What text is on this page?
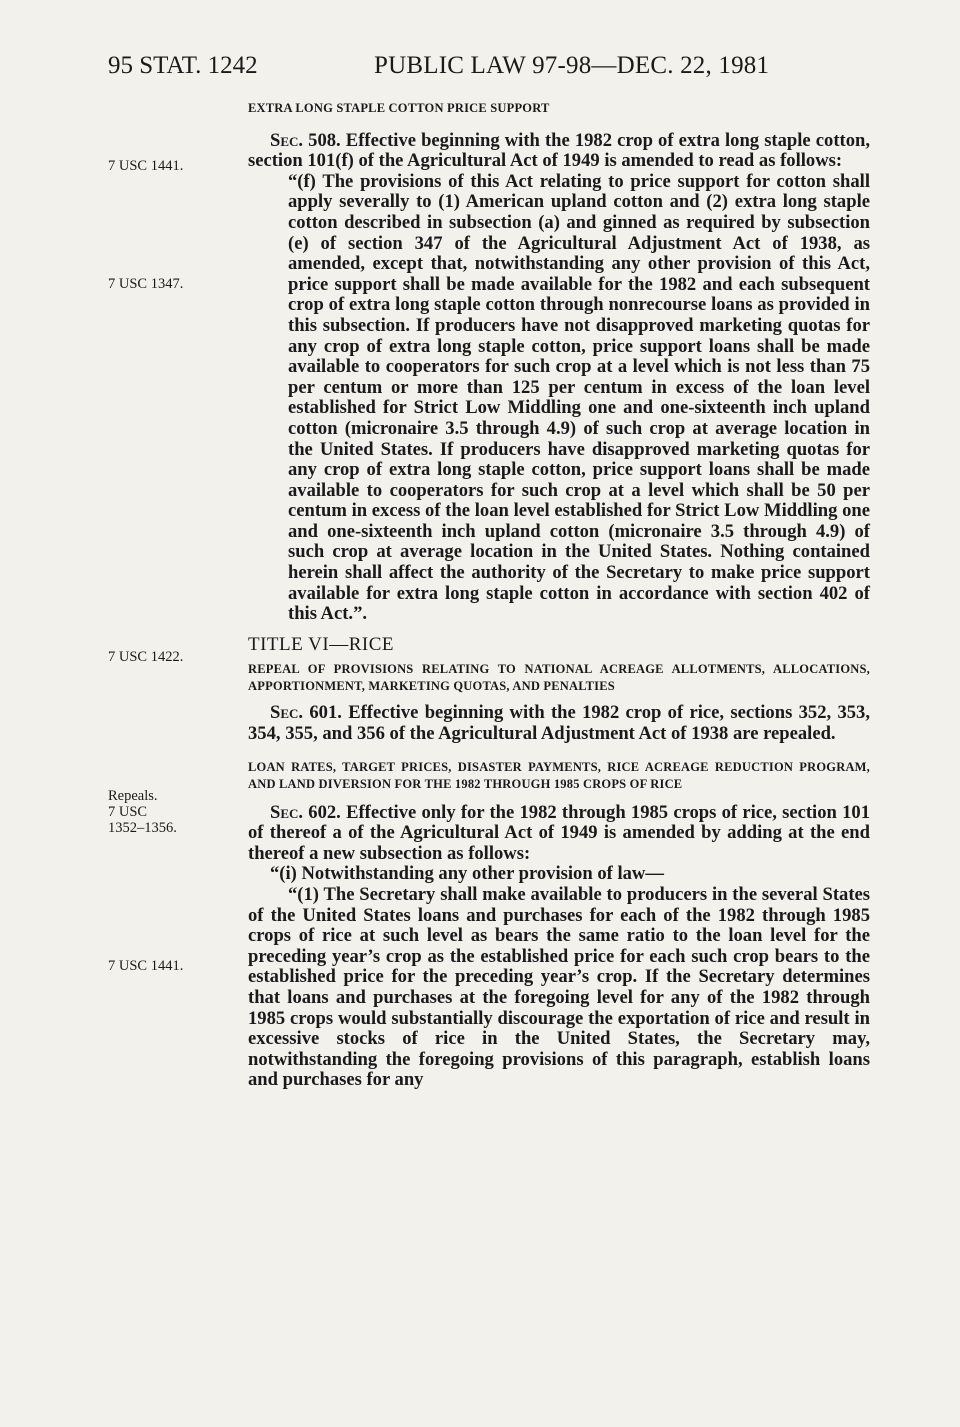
95 STAT. 1242	PUBLIC LAW 97-98—DEC. 22, 1981
7 USC 1441.
7 USC 1347.
7 USC 1422.
Repeals.
7 USC
1352–1356.
7 USC 1441.

EXTRA LONG STAPLE COTTON PRICE SUPPORT

Sec. 508. Effective beginning with the 1982 crop of extra long staple cotton, section 101(f) of the Agricultural Act of 1949 is amended to read as follows:

“(f) The provisions of this Act relating to price support for cotton shall apply severally to (1) American upland cotton and (2) extra long staple cotton described in subsection (a) and ginned as required by subsection (e) of section 347 of the Agricultural Adjustment Act of 1938, as amended, except that, notwithstanding any other provision of this Act, price support shall be made available for the 1982 and each subsequent crop of extra long staple cotton through nonrecourse loans as provided in this subsection. If producers have not disapproved marketing quotas for any crop of extra long staple cotton, price support loans shall be made available to cooperators for such crop at a level which is not less than 75 per centum or more than 125 per centum in excess of the loan level established for Strict Low Middling one and one-sixteenth inch upland cotton (micronaire 3.5 through 4.9) of such crop at average location in the United States. If producers have disapproved marketing quotas for any crop of extra long staple cotton, price support loans shall be made available to cooperators for such crop at a level which shall be 50 per centum in excess of the loan level established for Strict Low Middling one and one-sixteenth inch upland cotton (micronaire 3.5 through 4.9) of such crop at average location in the United States. Nothing contained herein shall affect the authority of the Secretary to make price support available for extra long staple cotton in accordance with section 402 of this Act.”.

TITLE VI—RICE

REPEAL OF PROVISIONS RELATING TO NATIONAL ACREAGE ALLOTMENTS, ALLOCATIONS, APPORTIONMENT, MARKETING QUOTAS, AND PENALTIES

Sec. 601. Effective beginning with the 1982 crop of rice, sections 352, 353, 354, 355, and 356 of the Agricultural Adjustment Act of 1938 are repealed.

LOAN RATES, TARGET PRICES, DISASTER PAYMENTS, RICE ACREAGE REDUCTION PROGRAM, AND LAND DIVERSION FOR THE 1982 THROUGH 1985 CROPS OF RICE

Sec. 602. Effective only for the 1982 through 1985 crops of rice, section 101 of thereof a of the Agricultural Act of 1949 is amended by adding at the end thereof a new subsection as follows:

“(i) Notwithstanding any other provision of law—

“(1) The Secretary shall make available to producers in the several States of the United States loans and purchases for each of the 1982 through 1985 crops of rice at such level as bears the same ratio to the loan level for the preceding year’s crop as the established price for each such crop bears to the established price for the preceding year’s crop. If the Secretary determines that loans and purchases at the foregoing level for any of the 1982 through 1985 crops would substantially discourage the exportation of rice and result in excessive stocks of rice in the United States, the Secretary may, notwithstanding the foregoing provisions of this paragraph, establish loans and purchases for any
